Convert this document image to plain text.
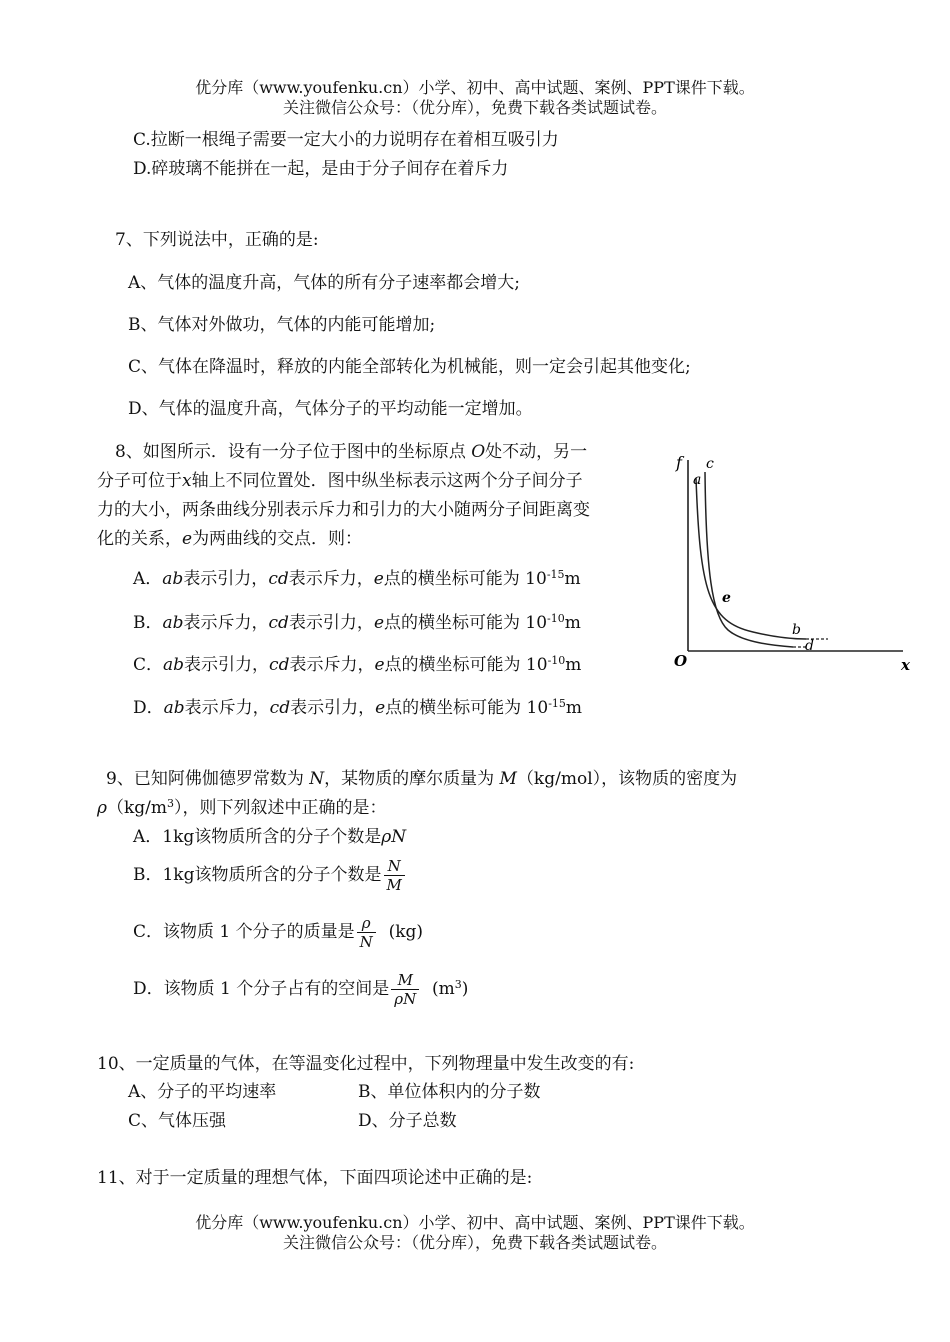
优分库（www.youfenku.cn）小学、初中、高中试题、案例、PPT课件下载。
关注微信公众号：（优分库），免费下载各类试题试卷。
C.拉断一根绳子需要一定大小的力说明存在着相互吸引力
D.碎玻璃不能拼在一起，是由于分子间存在着斥力
7、下列说法中，正确的是:
A、气体的温度升高，气体的所有分子速率都会增大;
B、气体对外做功，气体的内能可能增加;
C、气体在降温时，释放的内能全部转化为机械能，则一定会引起其他变化;
D、气体的温度升高，气体分子的平均动能一定增加。
8、如图所示．设有一分子位于图中的坐标原点 O处不动，另一
分子可位于x轴上不同位置处．图中纵坐标表示这两个分子间分子
力的大小，两条曲线分别表示斥力和引力的大小随两分子间距离变
化的关系，e为两曲线的交点．则：
A．ab表示引力，cd表示斥力，e点的横坐标可能为 $10^{-15}m$
B．ab表示斥力，cd表示引力，e点的横坐标可能为 $10^{-10}m$
C．ab表示引力，cd表示斥力，e点的横坐标可能为 $10^{-10}m$
D．ab表示斥力，cd表示引力，e点的横坐标可能为 $10^{-15}m$
f
a
c
e
b
d
O	x
9、已知阿佛伽德罗常数为 N，某物质的摩尔质量为 M（kg/mol），该物质的密度为
$\rho(kg/m^3)$，则下列叙述中正确的是：
A．1kg该物质所含的分子个数是ρN
B．1kg该物质所含的分子个数是 $\frac{N}{M}$
C．该物质 1 个分子的质量是 $\frac{\rho}{N} (kg)$
D．该物质 1 个分子占有的空间是 $\frac{M}{\rho N} (m^3)$
10、一定质量的气体，在等温变化过程中，下列物理量中发生改变的有:
A、分子的平均速率	B、单位体积内的分子数
C、气体压强	D、分子总数
11、对于一定质量的理想气体，下面四项论述中正确的是:
优分库（www.youfenku.cn）小学、初中、高中试题、案例、PPT课件下载。
关注微信公众号：（优分库），免费下载各类试题试卷。
